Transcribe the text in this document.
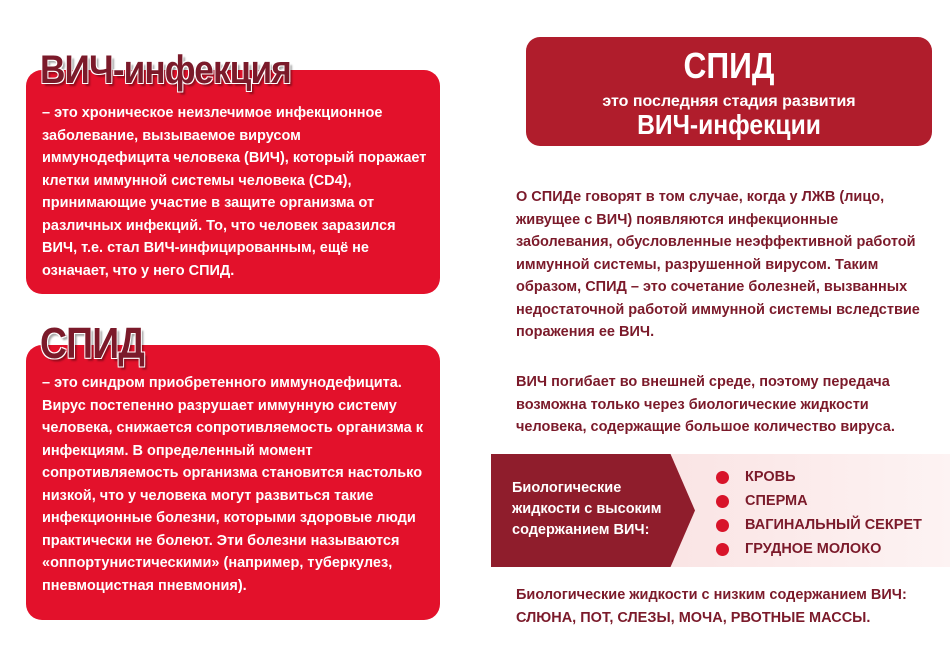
– это хроническое неизлечимое инфекционное заболевание, вызываемое вирусом иммунодефицита человека (ВИЧ), который поражает клетки иммунной системы человека (CD4), принимающие участие в защите организма от различных инфекций. То, что человек заразился ВИЧ, т.е. стал ВИЧ-инфицированным, ещё не означает, что у него СПИД.
ВИЧ-инфекция
– это синдром приобретенного иммунодефицита. Вирус постепенно разрушает иммунную систему человека, снижается сопротивляемость организма к инфекциям. В определенный момент сопротивляемость организма становится настолько низкой, что у человека могут развиться такие инфекционные болезни, которыми здоровые люди практически не болеют. Эти болезни называются «оппортунистическими» (например, туберкулез, пневмоцистная пневмония).
СПИД
СПИД
это последняя стадия развития
ВИЧ-инфекции
О СПИДе говорят в том случае, когда у ЛЖВ (лицо, живущее с ВИЧ) появляются инфекционные заболевания, обусловленные неэффективной работой иммунной системы, разрушенной вирусом. Таким образом, СПИД – это сочетание болезней, вызванных недостаточной работой иммунной системы вследствие поражения ее ВИЧ.
ВИЧ погибает во внешней среде, поэтому передача возможна только через биологические жидкости человека, содержащие большое количество вируса.
Биологические жидкости с высоким содержанием ВИЧ:
КРОВЬ
СПЕРМА
ВАГИНАЛЬНЫЙ СЕКРЕТ
ГРУДНОЕ МОЛОКО
Биологические жидкости с низким содержанием ВИЧ:
СЛЮНА, ПОТ, СЛЕЗЫ, МОЧА, РВОТНЫЕ МАССЫ.
